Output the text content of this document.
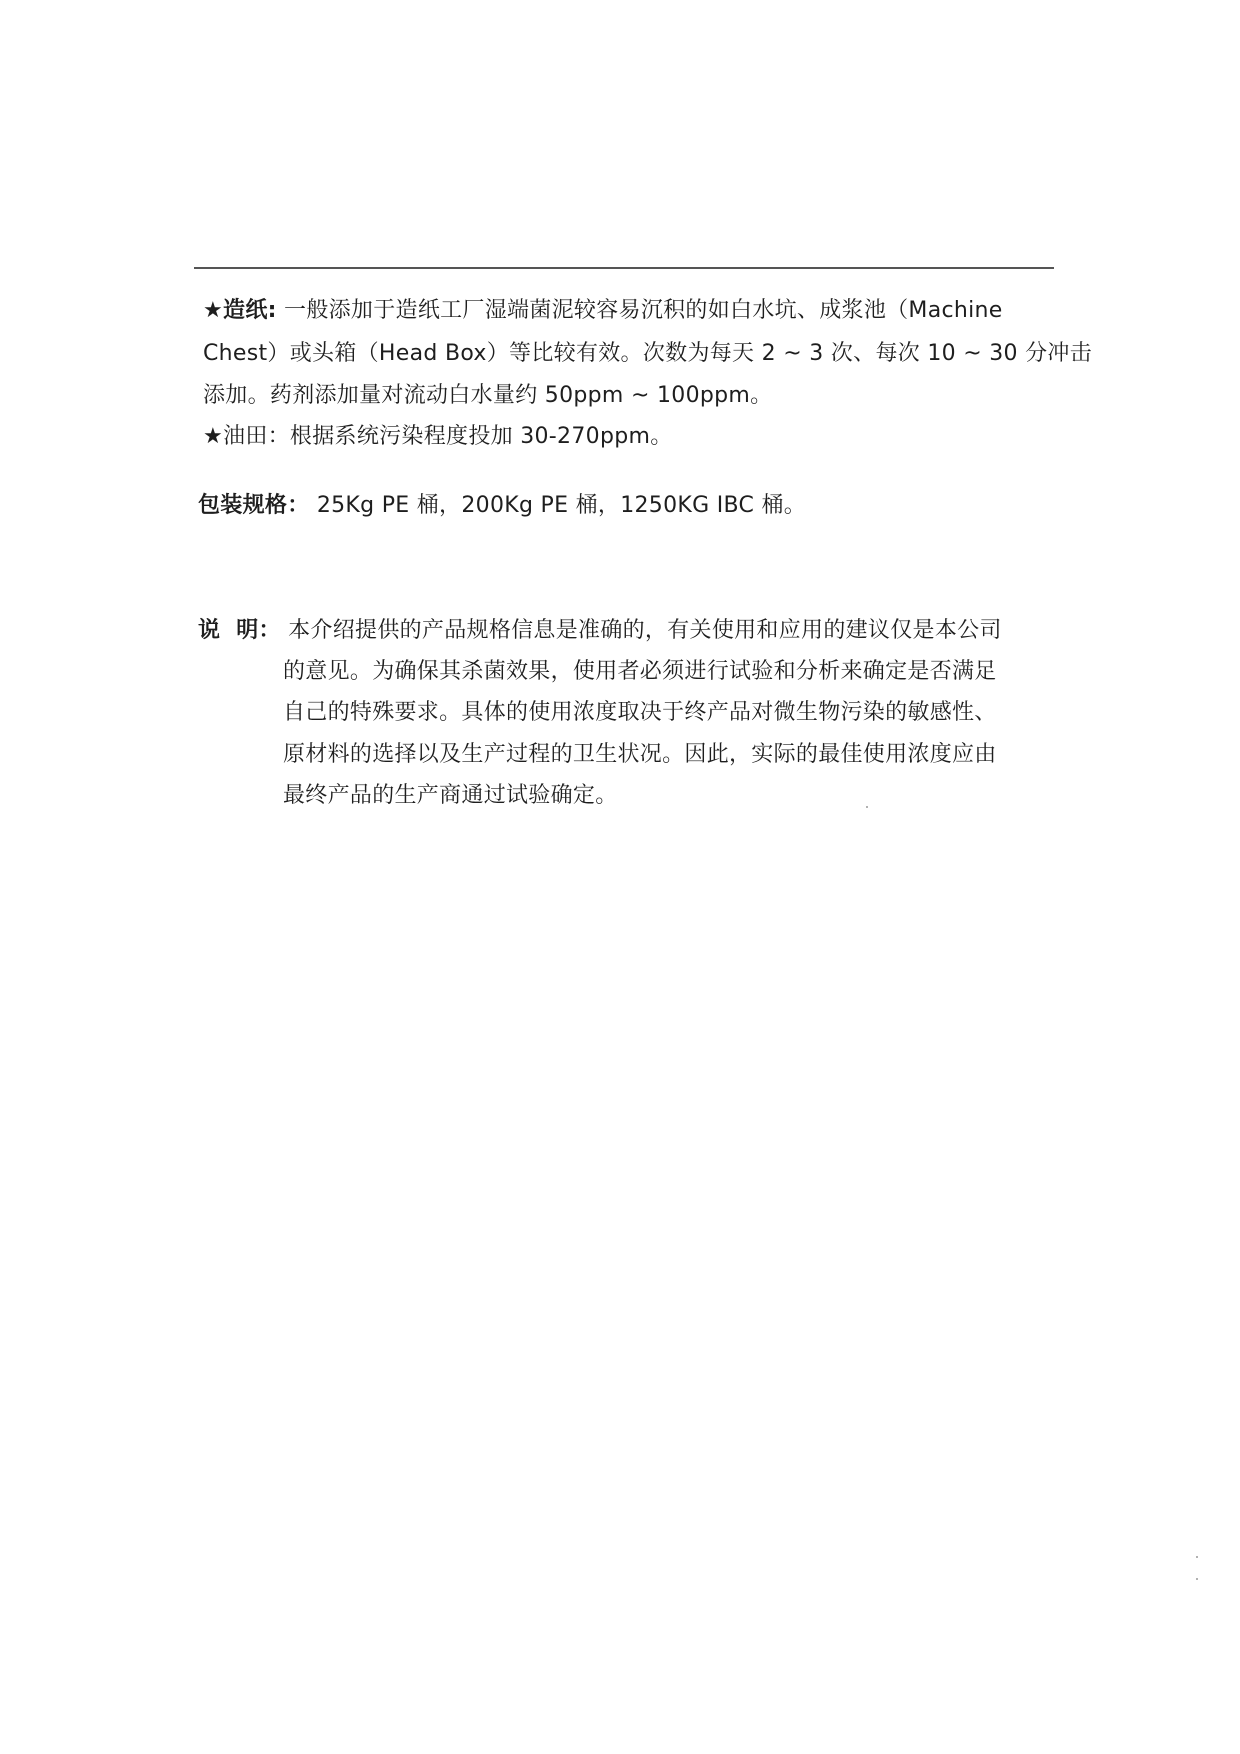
★造纸: 一般添加于造纸工厂湿端菌泥较容易沉积的如白水坑、成浆池（Machine
Chest）或头箱（Head Box）等比较有效。次数为每天 2 ~ 3 次、每次 10 ~ 30 分冲击
添加。药剂添加量对流动白水量约 50ppm ~ 100ppm。
★油田：根据系统污染程度投加 30-270ppm。
包装规格： 25Kg PE 桶，200Kg PE 桶，1250KG IBC 桶。
说  明： 本介绍提供的产品规格信息是准确的，有关使用和应用的建议仅是本公司
的意见。为确保其杀菌效果，使用者必须进行试验和分析来确定是否满足
自己的特殊要求。具体的使用浓度取决于终产品对微生物污染的敏感性、
原材料的选择以及生产过程的卫生状况。因此，实际的最佳使用浓度应由
最终产品的生产商通过试验确定。
